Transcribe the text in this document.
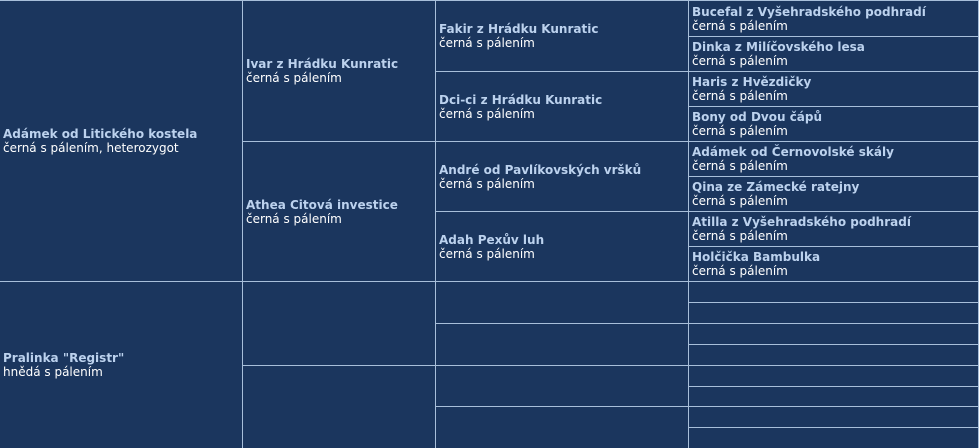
Adámek od Litického kostela
černá s pálením, heterozygot
Pralinka "Registr"
hnědá s pálením
Ivar z Hrádku Kunratic
černá s pálením
Athea Citová investice
černá s pálením
Fakir z Hrádku Kunratic
černá s pálením
Dci-ci z Hrádku Kunratic
černá s pálením
André od Pavlíkovských vršků
černá s pálením
Adah Pexův luh
černá s pálením
Bucefal z Vyšehradského podhradí
černá s pálením
Dinka z Milíčovského lesa
černá s pálením
Haris z Hvězdičky
černá s pálením
Bony od Dvou čápů
černá s pálením
Adámek od Černovolské skály
černá s pálením
Qina ze Zámecké ratejny
černá s pálením
Atilla z Vyšehradského podhradí
černá s pálením
Holčička Bambulka
černá s pálením
